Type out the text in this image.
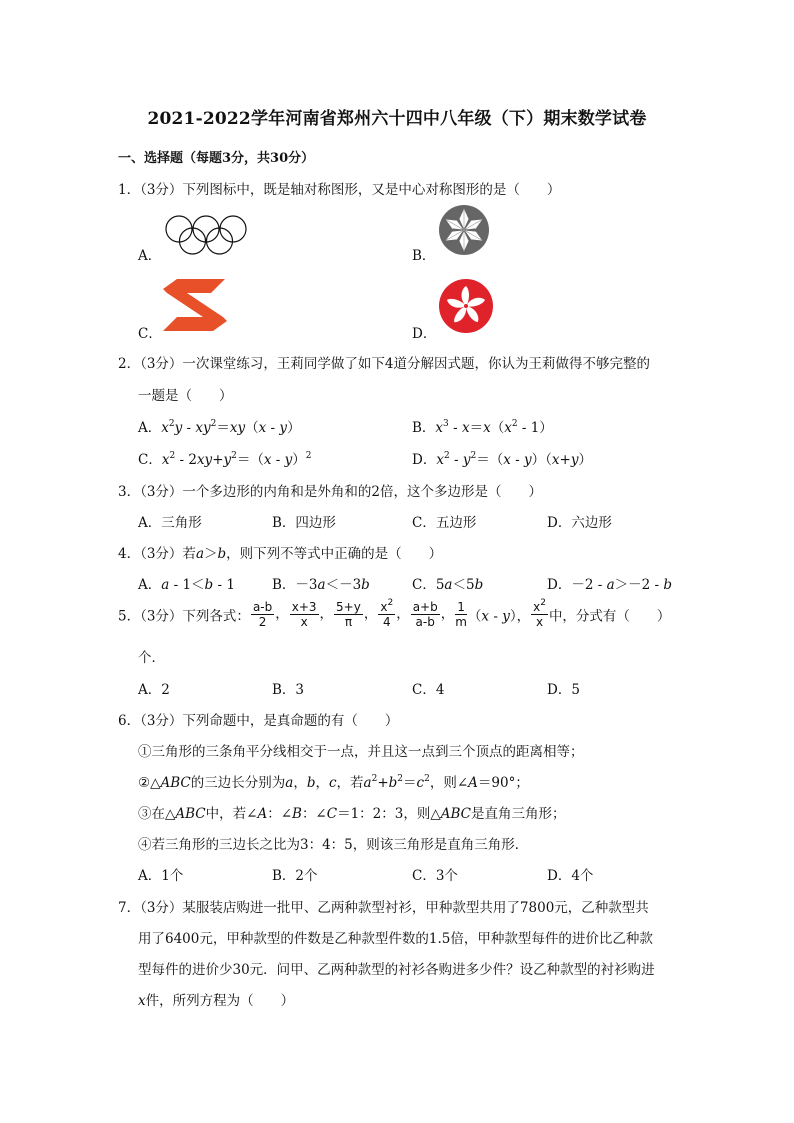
2021-2022学年河南省郑州六十四中八年级（下）期末数学试卷
一、选择题（每题3分，共30分）
1．（3分）下列图标中，既是轴对称图形，又是中心对称图形的是（　　）
A．	B．
C．	D．
2．（3分）一次课堂练习，王莉同学做了如下4道分解因式题，你认为王莉做得不够完整的
一题是（　　）
A．$x^2y - xy^2=xy(x - y)$	B．$x^3 - x=x(x^2 - 1)$
C．$x^2 - 2xy+y^2=(x - y)^2$	D．$x^2 - y^2=(x - y)(x+y)$
3．（3分）一个多边形的内角和是外角和的2倍，这个多边形是（　　）
A．三角形	B．四边形	C．五边形	D．六边形
4．（3分）若a＞b，则下列不等式中正确的是（　　）
A．a - 1＜b - 1	B．－3a＜－3b	C．5a＜5b	D．－2 - a＞－2 - b
5．（3分）下列各式： $\frac{a-b}{2}$ ， $\frac{x+3}{x}$ ， $\frac{5+y}{\pi}$ ， $\frac{x^2}{4}$ ， $\frac{a+b}{a-b}$ ， $\frac{1}{m} (x - y)$， $\frac{x^2}{x}$ 中，分式有（　　）
个．
A．2	B．3	C．4	D．5
6．（3分）下列命题中，是真命题的有（　　）
①三角形的三条角平分线相交于一点，并且这一点到三个顶点的距离相等；
②△ABC的三边长分别为a，b，c，若$a^2+b^2=c^2$，则∠A＝90°；
③在△ABC中，若∠A：∠B：∠C＝1：2：3，则△ABC是直角三角形；
④若三角形的三边长之比为3：4：5，则该三角形是直角三角形．
A．1个	B．2个	C．3个	D．4个
7．（3分）某服装店购进一批甲、乙两种款型衬衫，甲种款型共用了7800元，乙种款型共
用了6400元，甲种款型的件数是乙种款型件数的1.5倍，甲种款型每件的进价比乙种款
型每件的进价少30元．问甲、乙两种款型的衬衫各购进多少件？设乙种款型的衬衫购进
x件，所列方程为（　　）
